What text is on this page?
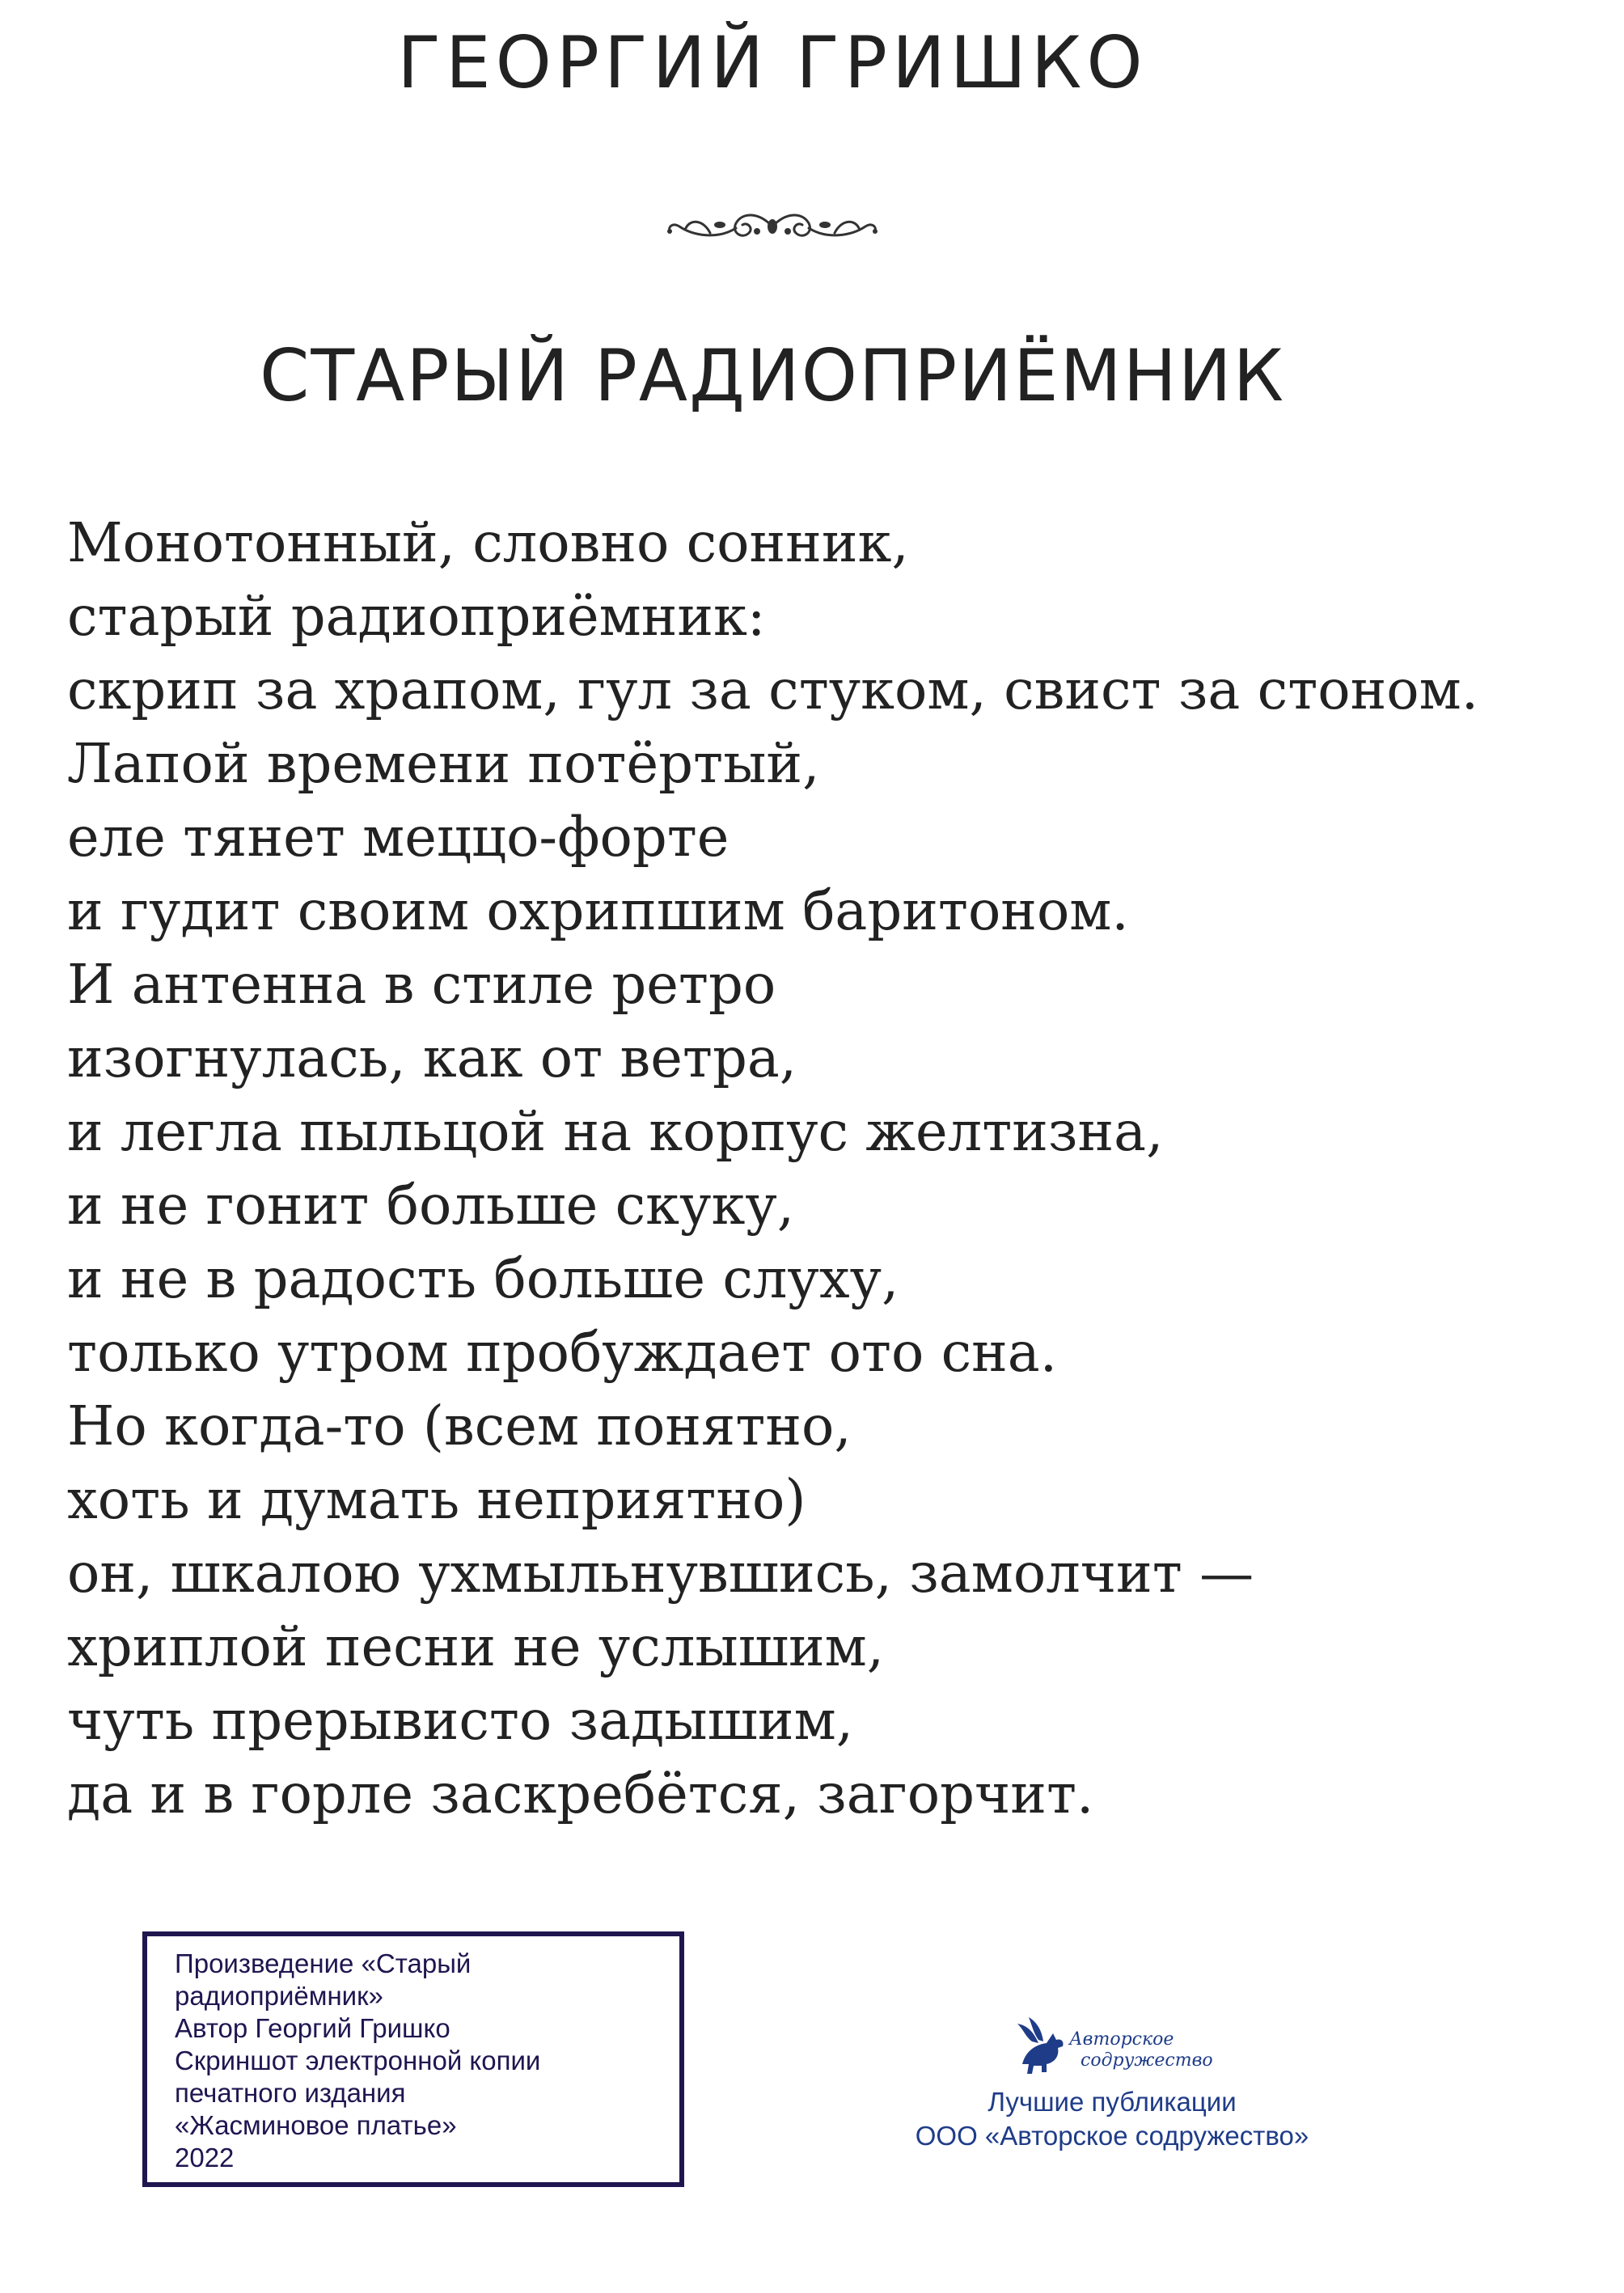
ГЕОРГИЙ ГРИШКО
СТАРЫЙ РАДИОПРИЁМНИК
Монотонный, словно сонник,
старый радиоприёмник:
скрип за храпом, гул за стуком, свист за стоном.
Лапой времени потёртый,
еле тянет меццо-форте
и гудит своим охрипшим баритоном.
И антенна в стиле ретро
изогнулась, как от ветра,
и легла пыльцой на корпус желтизна,
и не гонит больше скуку,
и не в радость больше слуху,
только утром пробуждает ото сна.
Но когда-то (всем понятно,
хоть и думать неприятно)
он, шкалою ухмыльнувшись, замолчит —
хриплой песни не услышим,
чуть прерывисто задышим,
да и в горле заскребётся, загорчит.
Произведение «Старый
радиоприёмник»
Автор Георгий Гришко
Скриншот электронной копии
печатного издания
«Жасминовое платье»
2022
Авторское
содружество
Лучшие публикации
ООО «Авторское содружество»
